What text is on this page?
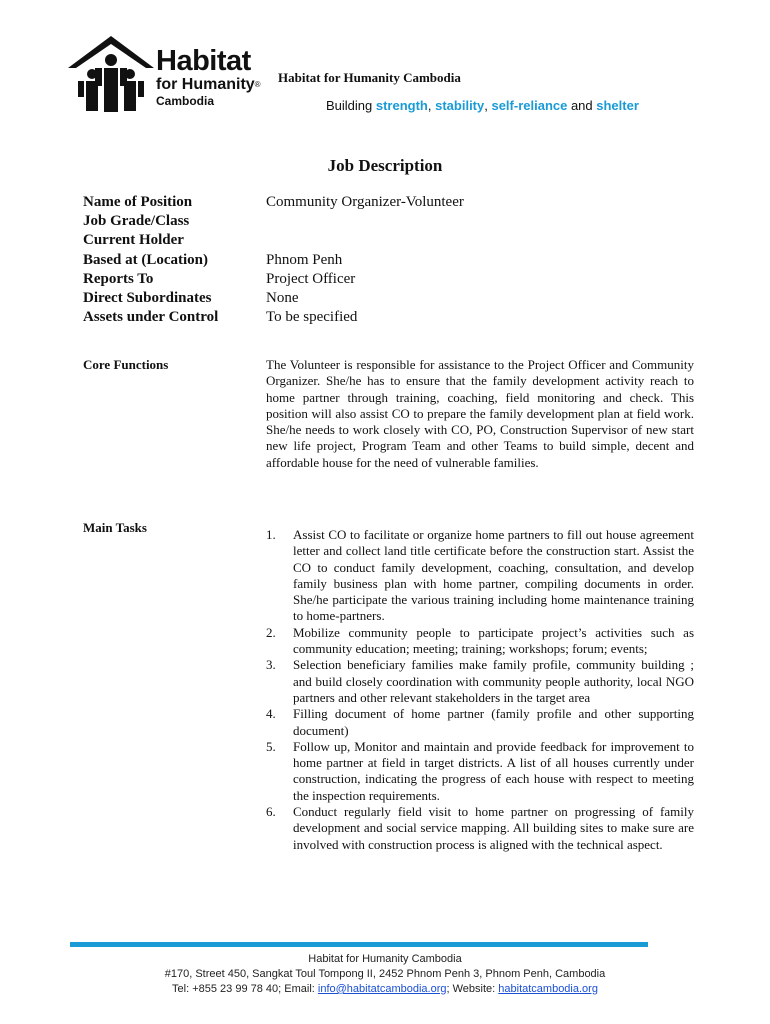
Habitat
for Humanity®
Cambodia
Habitat for Humanity Cambodia
Building strength, stability, self-reliance and shelter
Job Description
Name of Position	Community Organizer-Volunteer
Job Grade/Class
Current Holder
Based at (Location)	Phnom Penh
Reports To	Project Officer
Direct Subordinates	None
Assets under Control	To be specified
Core Functions	The Volunteer is responsible for assistance to the Project Officer and Community Organizer. She/he has to ensure that the family development activity reach to home partner through training, coaching, field monitoring and check. This position will also assist CO to prepare the family development plan at field work. She/he needs to work closely with CO, PO, Construction Supervisor of new start new life project, Program Team and other Teams to build simple, decent and affordable house for the need of vulnerable families.
Main Tasks	1.	Assist CO to facilitate or organize home partners to fill out house agreement letter and collect land title certificate before the construction start. Assist the CO to conduct family development, coaching, consultation, and develop family business plan with home partner, compiling documents in order. She/he participate the various training including home maintenance training to home-partners.
2.	Mobilize community people to participate project’s activities such as community education; meeting; training; workshops; forum; events;
3.	Selection beneficiary families make family profile, community building ; and build closely coordination with community people authority, local NGO partners and other relevant stakeholders in the target area
4.	Filling document of home partner (family profile and other supporting document)
5.	Follow up, Monitor and maintain and provide feedback for improvement to home partner at field in target districts. A list of all houses currently under construction, indicating the progress of each house with respect to meeting the inspection requirements.
6.	Conduct regularly field visit to home partner on progressing of family development and social service mapping. All building sites to make sure are involved with construction process is aligned with the technical aspect.
Habitat for Humanity Cambodia
#170, Street 450, Sangkat Toul Tompong II, 2452 Phnom Penh 3, Phnom Penh, Cambodia
Tel: +855 23 99 78 40; Email: info@habitatcambodia.org; Website: habitatcambodia.org
